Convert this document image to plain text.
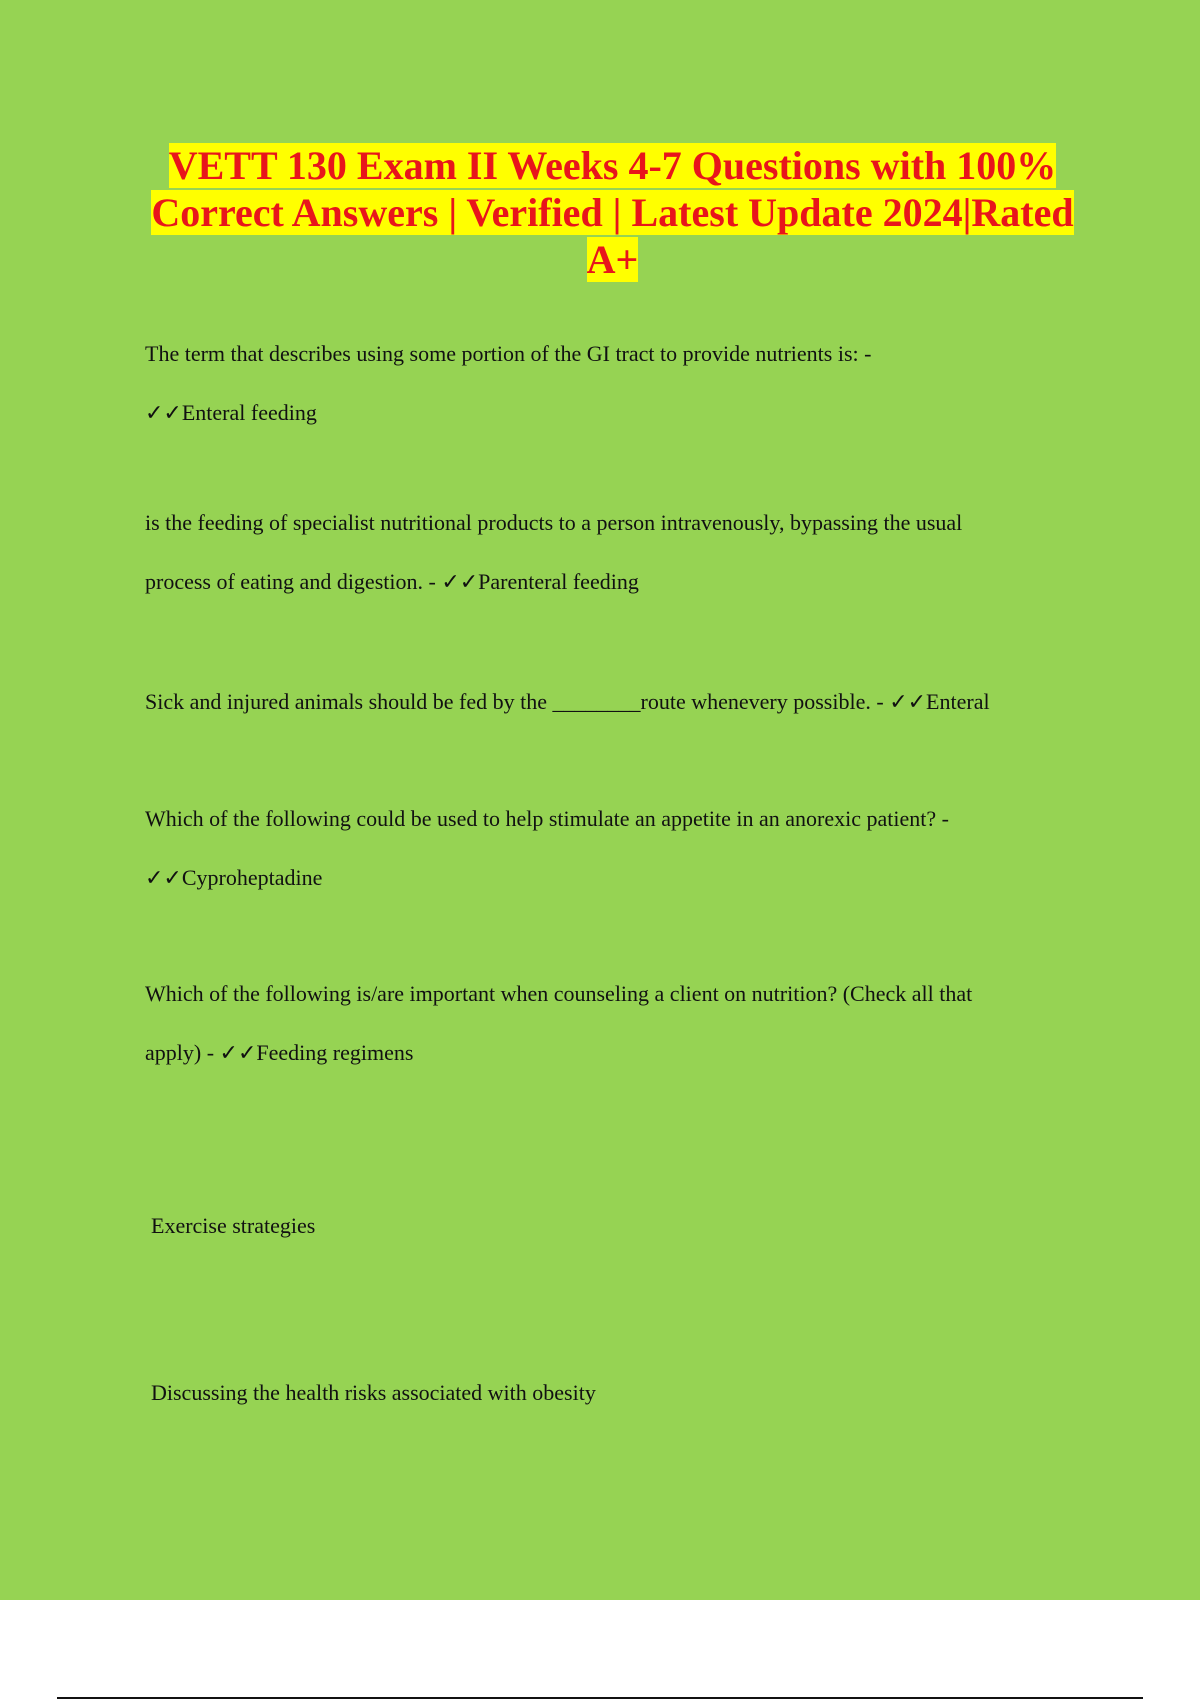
VETT 130 Exam II Weeks 4-7 Questions with 100% Correct Answers | Verified | Latest Update 2024|Rated A+

The term that describes using some portion of the GI tract to provide nutrients is: -
✓✓Enteral feeding

is the feeding of specialist nutritional products to a person intravenously, bypassing the usual
process of eating and digestion. - ✓✓Parenteral feeding

Sick and injured animals should be fed by the ________route whenevery possible. - ✓✓Enteral

Which of the following could be used to help stimulate an appetite in an anorexic patient? -
✓✓Cyproheptadine

Which of the following is/are important when counseling a client on nutrition? (Check all that
apply) - ✓✓Feeding regimens

Exercise strategies

Discussing the health risks associated with obesity
